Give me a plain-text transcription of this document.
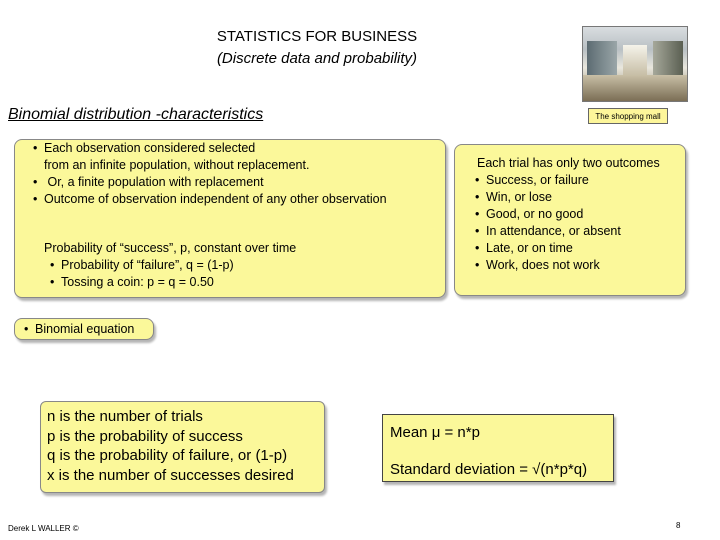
STATISTICS FOR BUSINESS
(Discrete data and probability)
The shopping mall
Binomial distribution -characteristics
• Each observation considered selected
from an infinite population, without replacement.
• Or, a finite population with replacement
• Outcome of observation independent of any other observation
Probability of “success”, p, constant over time
• Probability of “failure”, q = (1-p)
• Tossing a coin: p = q = 0.50
Each trial has only two outcomes
• Success, or failure
• Win, or lose
• Good, or no good
• In attendance, or absent
• Late, or on time
• Work, does not work
• Binomial equation
n is the number of trials
p is the probability of success
q is the probability of failure, or (1-p)
x is the number of successes desired
Mean μ = n*p
Standard deviation = √(n*p*q)
Derek L WALLER ©	8
